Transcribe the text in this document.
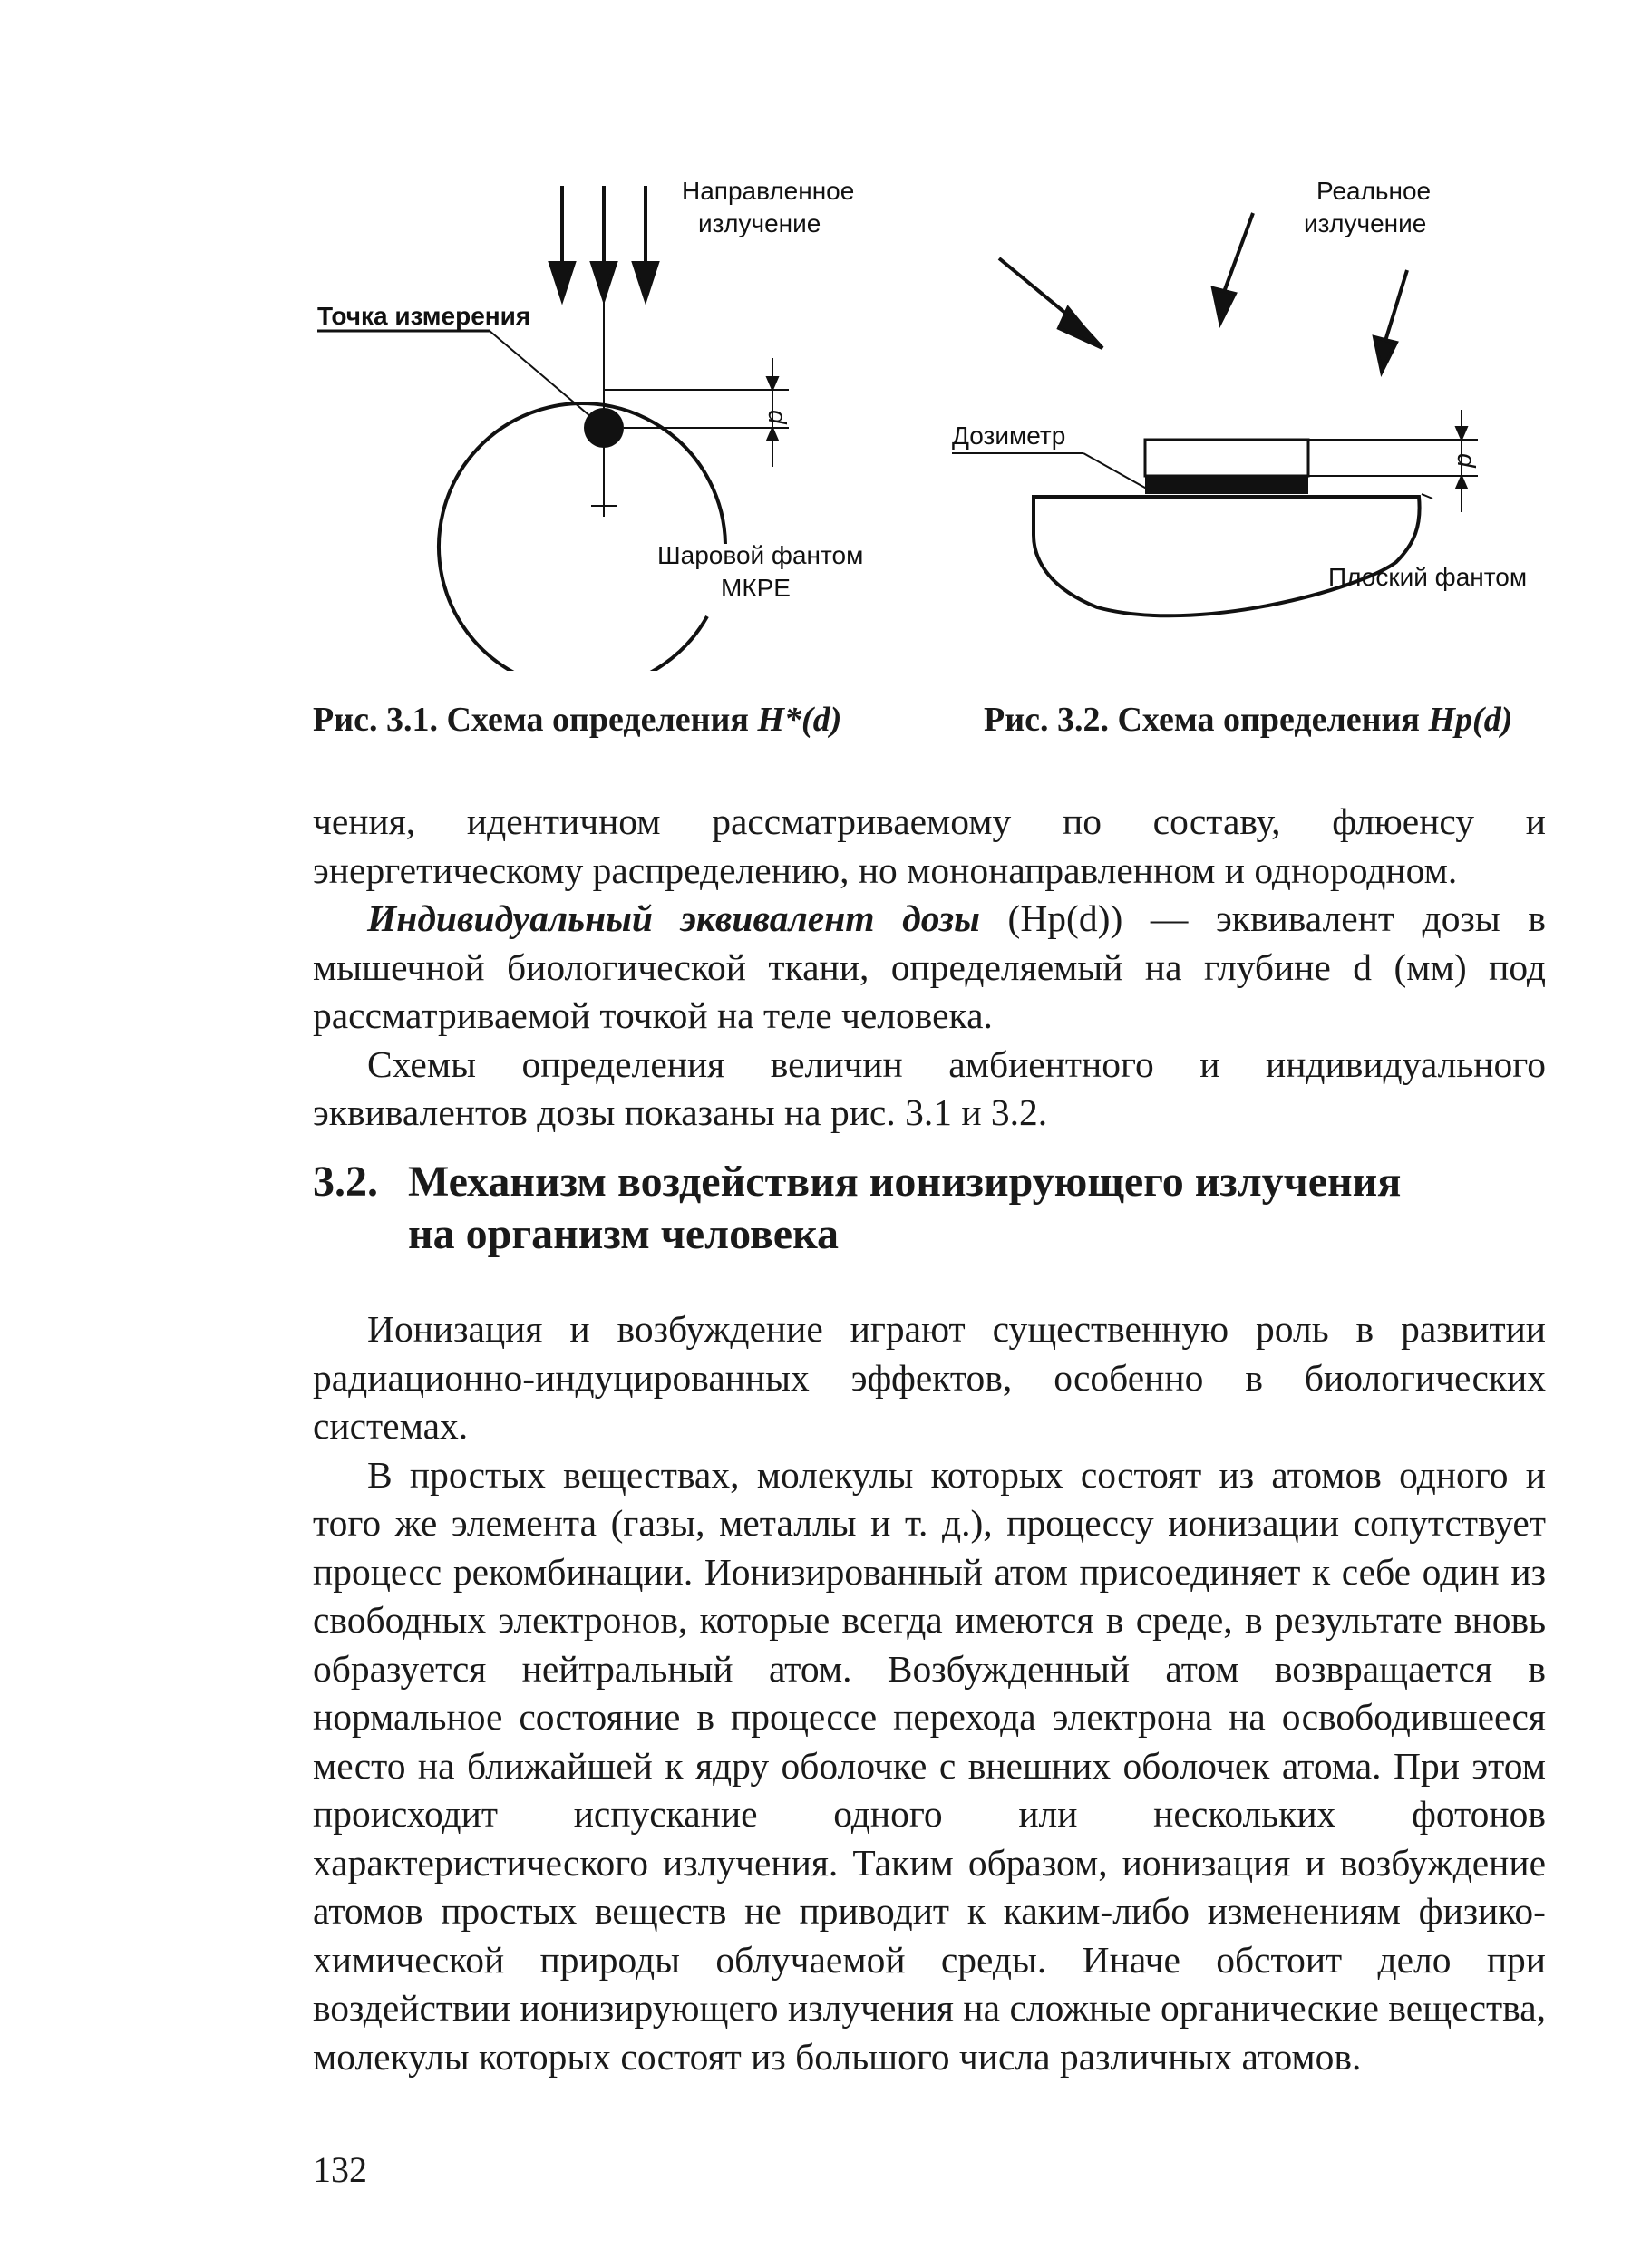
d
Направленное
излучение
Точка измерения
Шаровой фантом
МКРЕ
d
Реальное
излучение
Дозиметр
Плоский фантом
Рис. 3.1. Схема определения H*(d)	Рис. 3.2. Схема определения Hp(d)

чения, идентичном рассматриваемому по составу, флюенсу и энергетическому распределению, но мононаправленном и однородном.

Индивидуальный эквивалент дозы (Hp(d)) — эквивалент дозы в мышечной биологической ткани, определяемый на глубине d (мм) под рассматриваемой точкой на теле человека.

Схемы определения величин амбиентного и индивидуального эквивалентов дозы показаны на рис. 3.1 и 3.2.

3.2. Механизм воздействия ионизирующего излучения
на организм человека

Ионизация и возбуждение играют существенную роль в развитии радиационно-индуцированных эффектов, особенно в биологических системах.

В простых веществах, молекулы которых состоят из атомов одного и того же элемента (газы, металлы и т. д.), процессу ионизации сопутствует процесс рекомбинации. Ионизированный атом присоединяет к себе один из свободных электронов, которые всегда имеются в среде, в результате вновь образуется нейтральный атом. Возбужденный атом возвращается в нормальное состояние в процессе перехода электрона на освободившееся место на ближайшей к ядру оболочке с внешних оболочек атома. При этом происходит испускание одного или нескольких фотонов характеристического излучения. Таким образом, ионизация и возбуждение атомов простых веществ не приводит к каким-либо изменениям физико-химической природы облучаемой среды. Иначе обстоит дело при воздействии ионизирующего излучения на сложные органические вещества, молекулы которых состоят из большого числа различных атомов.

132
